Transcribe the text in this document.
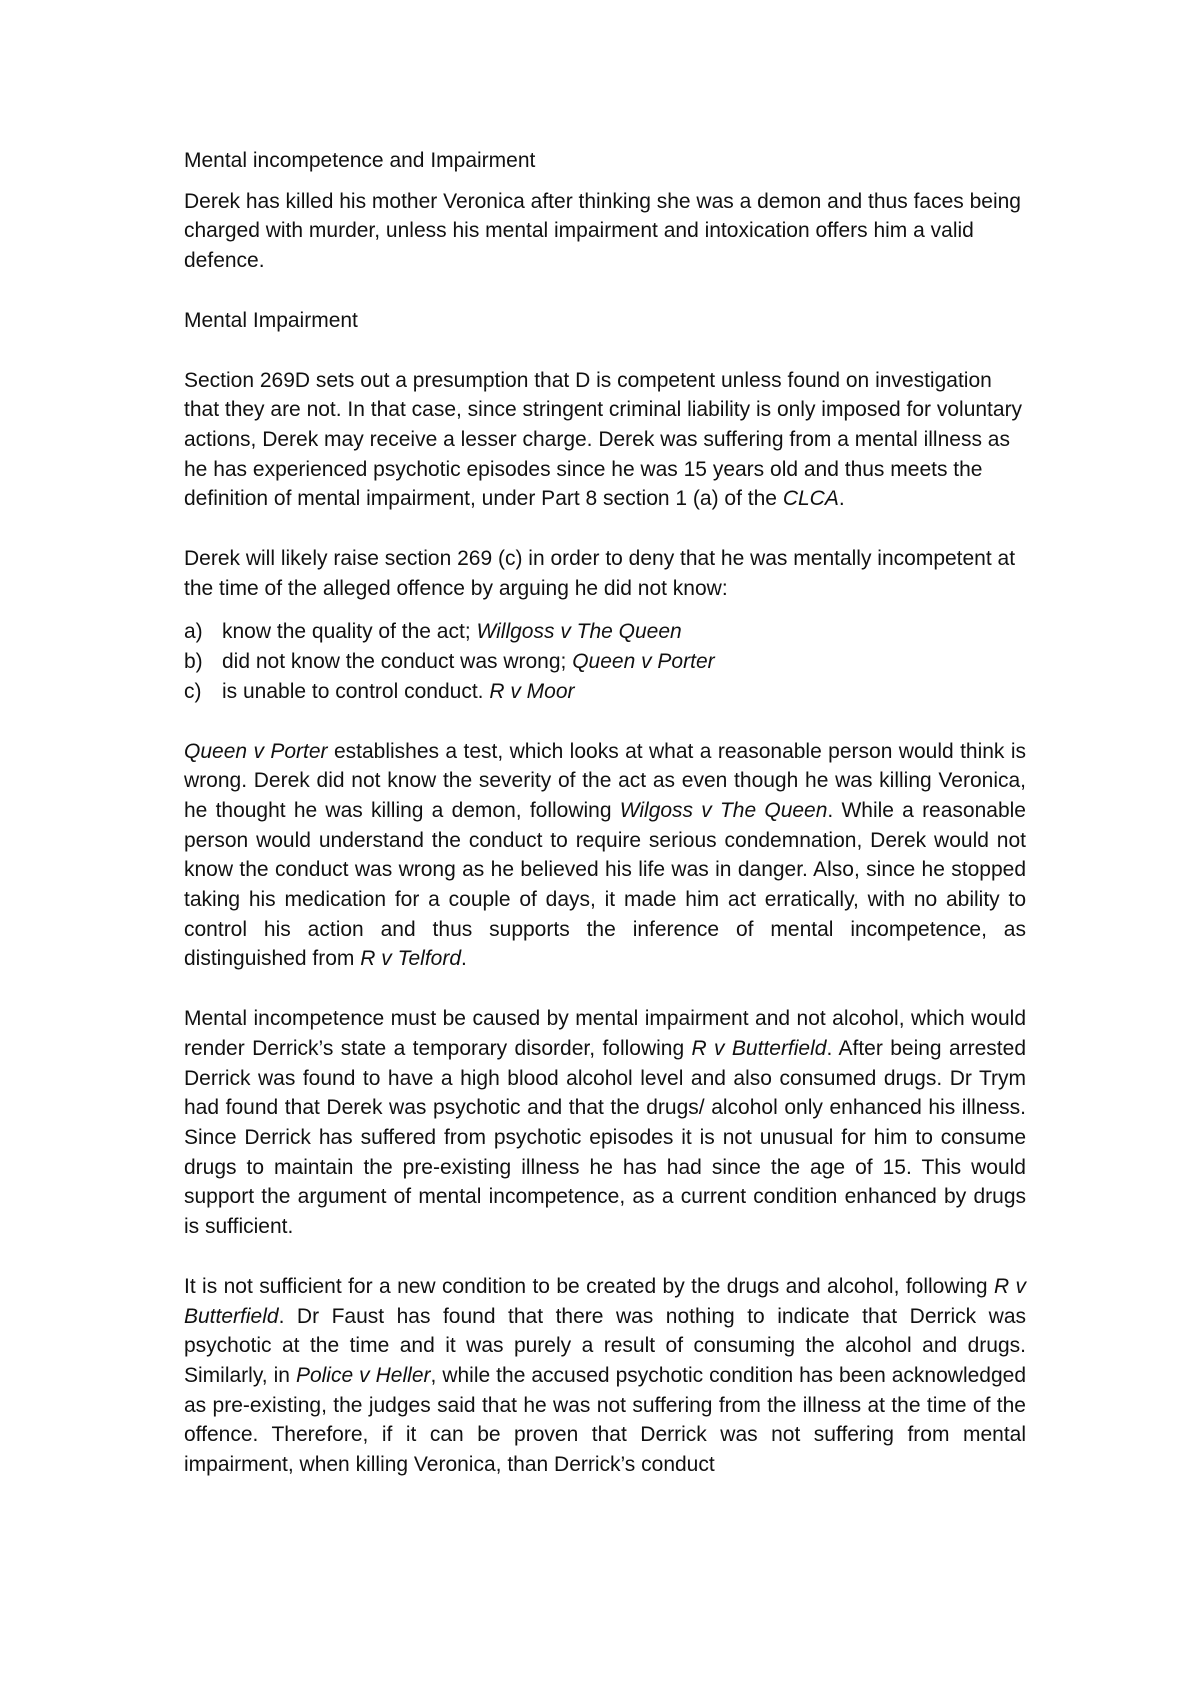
Mental incompetence and Impairment

Derek has killed his mother Veronica after thinking she was a demon and thus faces being charged with murder, unless his mental impairment and intoxication offers him a valid defence.

Mental Impairment

Section 269D sets out a presumption that D is competent unless found on investigation that they are not. In that case, since stringent criminal liability is only imposed for voluntary actions, Derek may receive a lesser charge. Derek was suffering from a mental illness as he has experienced psychotic episodes since he was 15 years old and thus meets the definition of mental impairment, under Part 8 section 1 (a) of the CLCA.

Derek will likely raise section 269 (c) in order to deny that he was mentally incompetent at the time of the alleged offence by arguing he did not know:

a) know the quality of the act; Willgoss v The Queen
b) did not know the conduct was wrong; Queen v Porter
c) is unable to control conduct. R v Moor

Queen v Porter establishes a test, which looks at what a reasonable person would think is wrong. Derek did not know the severity of the act as even though he was killing Veronica, he thought he was killing a demon, following Wilgoss v The Queen. While a reasonable person would understand the conduct to require serious condemnation, Derek would not know the conduct was wrong as he believed his life was in danger. Also, since he stopped taking his medication for a couple of days, it made him act erratically, with no ability to control his action and thus supports the inference of mental incompetence, as distinguished from R v Telford.

Mental incompetence must be caused by mental impairment and not alcohol, which would render Derrick’s state a temporary disorder, following R v Butterfield. After being arrested Derrick was found to have a high blood alcohol level and also consumed drugs. Dr Trym had found that Derek was psychotic and that the drugs/ alcohol only enhanced his illness. Since Derrick has suffered from psychotic episodes it is not unusual for him to consume drugs to maintain the pre-existing illness he has had since the age of 15. This would support the argument of mental incompetence, as a current condition enhanced by drugs is sufficient.

It is not sufficient for a new condition to be created by the drugs and alcohol, following R v Butterfield. Dr Faust has found that there was nothing to indicate that Derrick was psychotic at the time and it was purely a result of consuming the alcohol and drugs. Similarly, in Police v Heller, while the accused psychotic condition has been acknowledged as pre-existing, the judges said that he was not suffering from the illness at the time of the offence. Therefore, if it can be proven that Derrick was not suffering from mental impairment, when killing Veronica, than Derrick’s conduct
